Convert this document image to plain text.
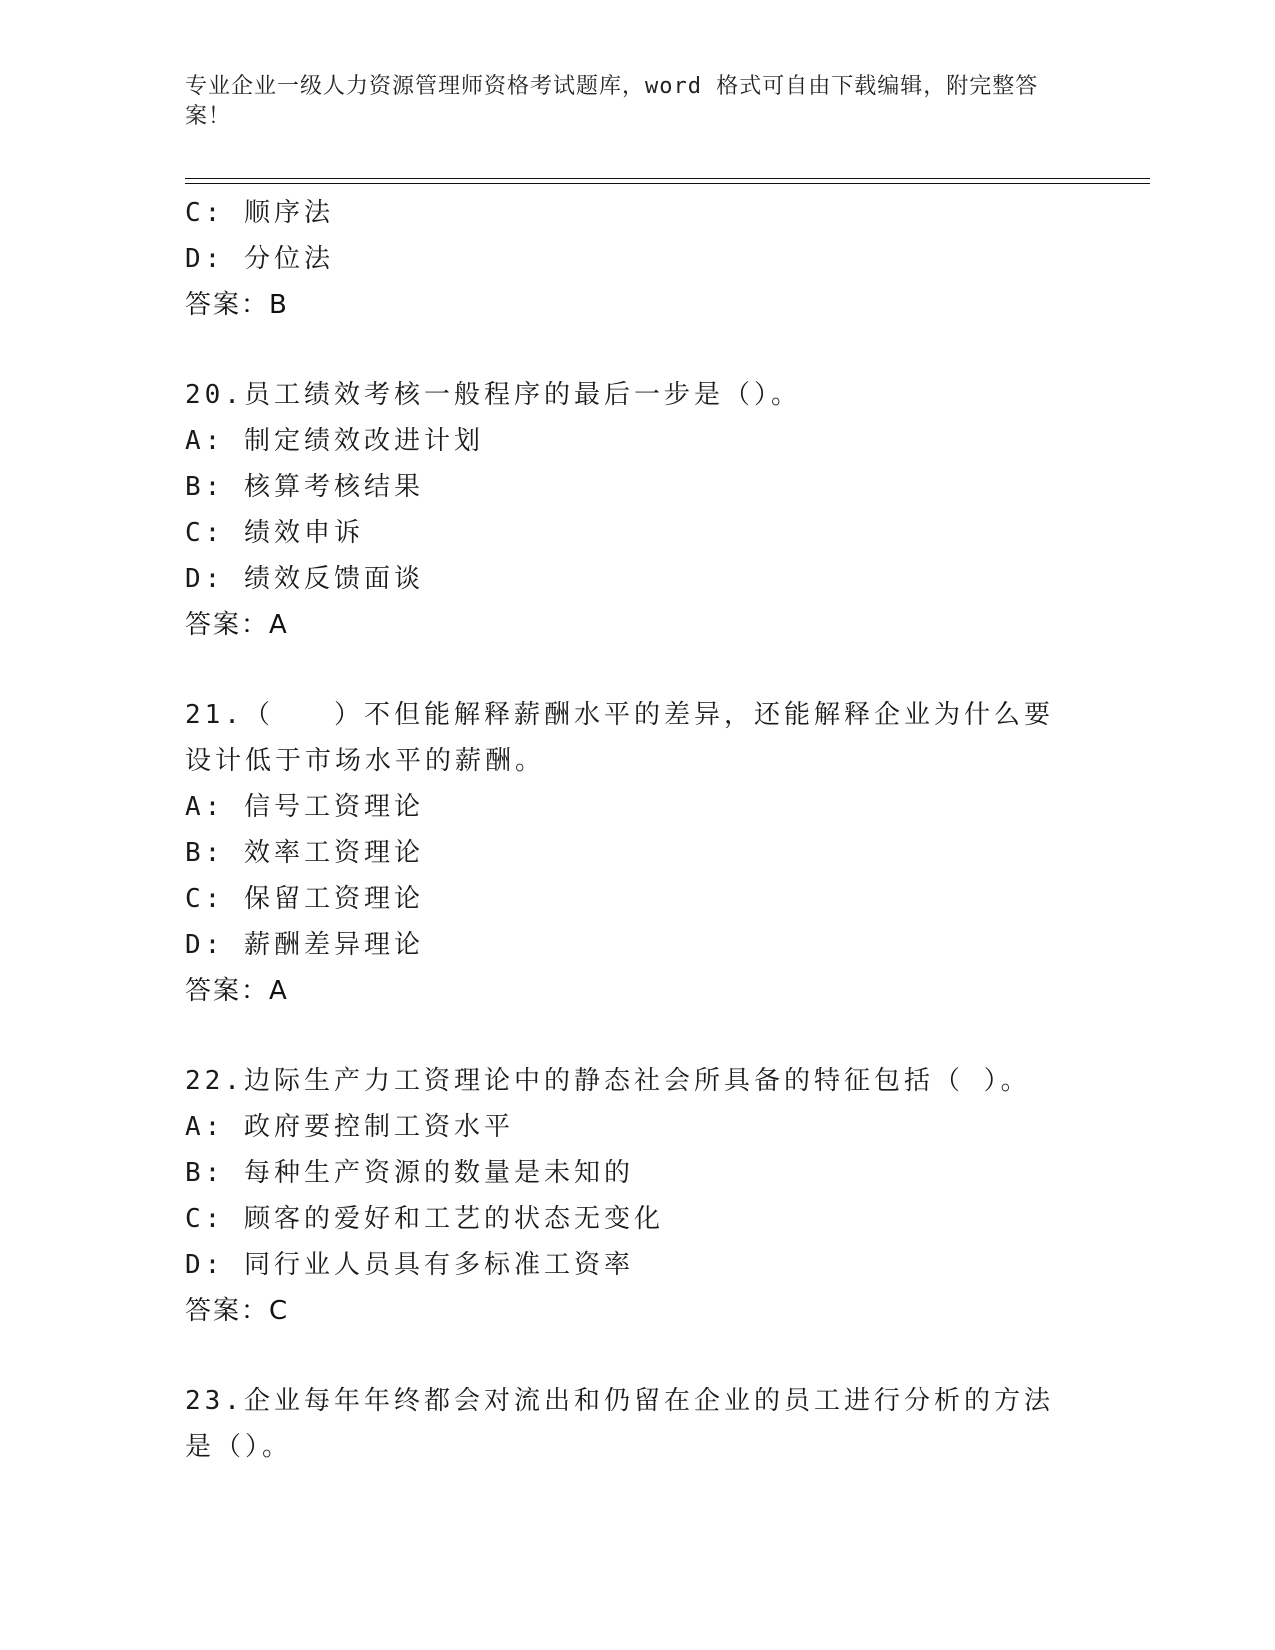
专业企业一级人力资源管理师资格考试题库，word 格式可自由下载编辑，附完整答案！
C: 顺序法
D: 分位法
答案：B
20.员工绩效考核一般程序的最后一步是（）。
A: 制定绩效改进计划
B: 核算考核结果
C: 绩效申诉
D: 绩效反馈面谈
答案：A
21.（　　）不但能解释薪酬水平的差异，还能解释企业为什么要设计低于市场水平的薪酬。
A: 信号工资理论
B: 效率工资理论
C: 保留工资理论
D: 薪酬差异理论
答案：A
22.边际生产力工资理论中的静态社会所具备的特征包括（ ）。
A: 政府要控制工资水平
B: 每种生产资源的数量是未知的
C: 顾客的爱好和工艺的状态无变化
D: 同行业人员具有多标准工资率
答案：C
23.企业每年年终都会对流出和仍留在企业的员工进行分析的方法是（）。
